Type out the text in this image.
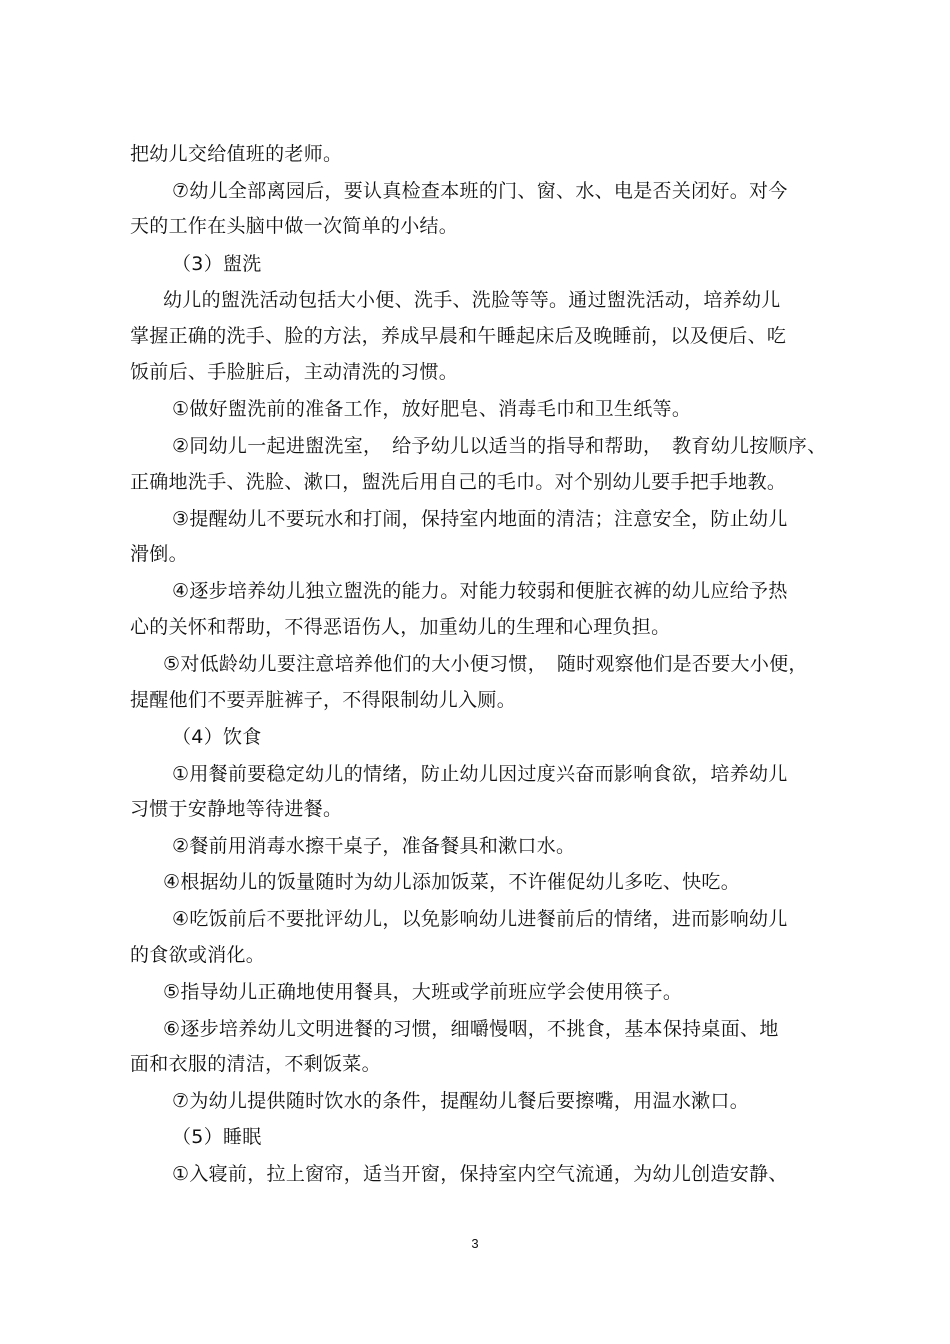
把幼儿交给值班的老师。
⑦幼儿全部离园后，要认真检查本班的门、窗、水、电是否关闭好。对今
天的工作在头脑中做一次简单的小结。
（3）盥洗
幼儿的盥洗活动包括大小便、洗手、洗脸等等。通过盥洗活动，培养幼儿
掌握正确的洗手、脸的方法，养成早晨和午睡起床后及晚睡前，以及便后、吃
饭前后、手脸脏后，主动清洗的习惯。
①做好盥洗前的准备工作，放好肥皂、消毒毛巾和卫生纸等。
②同幼儿一起进盥洗室，　给予幼儿以适当的指导和帮助，　教育幼儿按顺序、
正确地洗手、洗脸、漱口，盥洗后用自己的毛巾。对个别幼儿要手把手地教。
③提醒幼儿不要玩水和打闹，保持室内地面的清洁；注意安全，防止幼儿
滑倒。
④逐步培养幼儿独立盥洗的能力。对能力较弱和便脏衣裤的幼儿应给予热
心的关怀和帮助，不得恶语伤人，加重幼儿的生理和心理负担。
⑤对低龄幼儿要注意培养他们的大小便习惯，　随时观察他们是否要大小便，
提醒他们不要弄脏裤子，不得限制幼儿入厕。
（4）饮食
①用餐前要稳定幼儿的情绪，防止幼儿因过度兴奋而影响食欲，培养幼儿
习惯于安静地等待进餐。
②餐前用消毒水擦干桌子，准备餐具和漱口水。
④根据幼儿的饭量随时为幼儿添加饭菜，不许催促幼儿多吃、快吃。
④吃饭前后不要批评幼儿，以免影响幼儿进餐前后的情绪，进而影响幼儿
的食欲或消化。
⑤指导幼儿正确地使用餐具，大班或学前班应学会使用筷子。
⑥逐步培养幼儿文明进餐的习惯，细嚼慢咽，不挑食，基本保持桌面、地
面和衣服的清洁，不剩饭菜。
⑦为幼儿提供随时饮水的条件，提醒幼儿餐后要擦嘴，用温水漱口。
（5）睡眠
①入寝前，拉上窗帘，适当开窗，保持室内空气流通，为幼儿创造安静、
3
